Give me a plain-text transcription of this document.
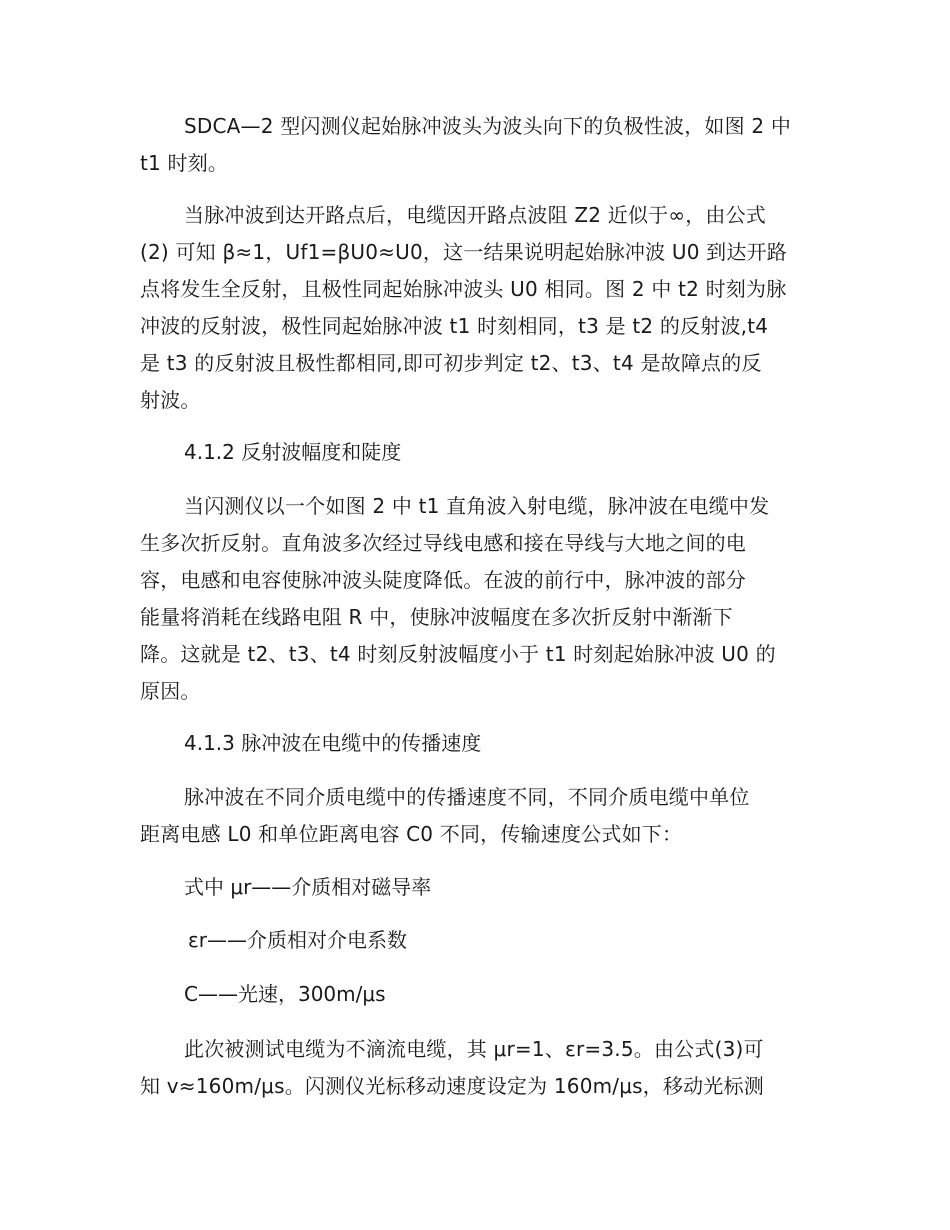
SDCA—2 型闪测仪起始脉冲波头为波头向下的负极性波，如图 2 中
t1 时刻。
当脉冲波到达开路点后，电缆因开路点波阻 Z2 近似于∞，由公式
(2) 可知 β≈1，Uf1=βU0≈U0，这一结果说明起始脉冲波 U0 到达开路
点将发生全反射，且极性同起始脉冲波头 U0 相同。图 2 中 t2 时刻为脉
冲波的反射波，极性同起始脉冲波 t1 时刻相同，t3 是 t2 的反射波,t4
是 t3 的反射波且极性都相同,即可初步判定 t2、t3、t4 是故障点的反
射波。

4.1.2 反射波幅度和陡度

当闪测仪以一个如图 2 中 t1 直角波入射电缆，脉冲波在电缆中发
生多次折反射。直角波多次经过导线电感和接在导线与大地之间的电
容，电感和电容使脉冲波头陡度降低。在波的前行中，脉冲波的部分
能量将消耗在线路电阻 R 中，使脉冲波幅度在多次折反射中渐渐下
降。这就是 t2、t3、t4 时刻反射波幅度小于 t1 时刻起始脉冲波 U0 的
原因。

4.1.3 脉冲波在电缆中的传播速度

脉冲波在不同介质电缆中的传播速度不同，不同介质电缆中单位
距离电感 L0 和单位距离电容 C0 不同，传输速度公式如下：

式中 μr——介质相对磁导率

εr——介质相对介电系数

C——光速，300m/μs

此次被测试电缆为不滴流电缆，其 μr=1、εr=3.5。由公式(3)可
知 v≈160m/μs。闪测仪光标移动速度设定为 160m/μs，移动光标测
